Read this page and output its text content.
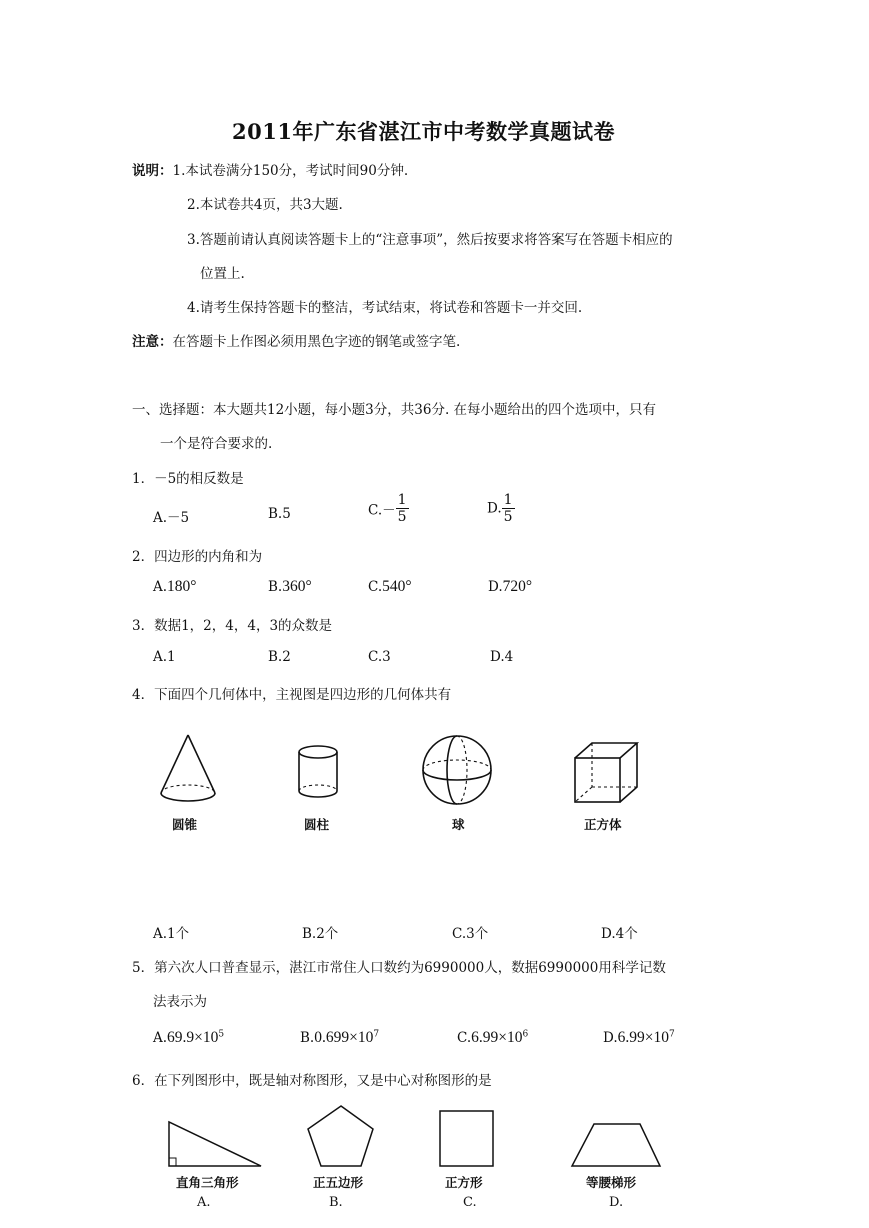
2011年广东省湛江市中考数学真题试卷
说明：1.本试卷满分150分，考试时间90分钟.
2.本试卷共4页，共3大题.
3.答题前请认真阅读答题卡上的“注意事项”，然后按要求将答案写在答题卡相应的
位置上.
4.请考生保持答题卡的整洁，考试结束，将试卷和答题卡一并交回.
注意：在答题卡上作图必须用黑色字迹的钢笔或签字笔.
一、选择题：本大题共12小题，每小题3分，共36分. 在每小题给出的四个选项中，只有
一个是符合要求的.
1．－5的相反数是
A.－5	B.5	$C.- \frac{1}{5}$	D. $\frac{1}{5}$
2．四边形的内角和为
A.180°	B.360°	C.540°	D.720°
3．数据1，2，4，4，3的众数是
A.1	B.2	C.3	D.4
4．下面四个几何体中，主视图是四边形的几何体共有
圆锥	圆柱	球	正方体
A.1个	B.2个	C.3个	D.4个
5．第六次人口普查显示，湛江市常住人口数约为6990000人，数据6990000用科学记数
法表示为
$A.69.9\times 10^5$	$B.0.699\times 10^7$	$C.6.99\times 10^6$	$D.6.99\times 10^7$
6．在下列图形中，既是轴对称图形，又是中心对称图形的是
直角三角形	正五边形	正方形	等腰梯形
A.	B.	C.	D.
